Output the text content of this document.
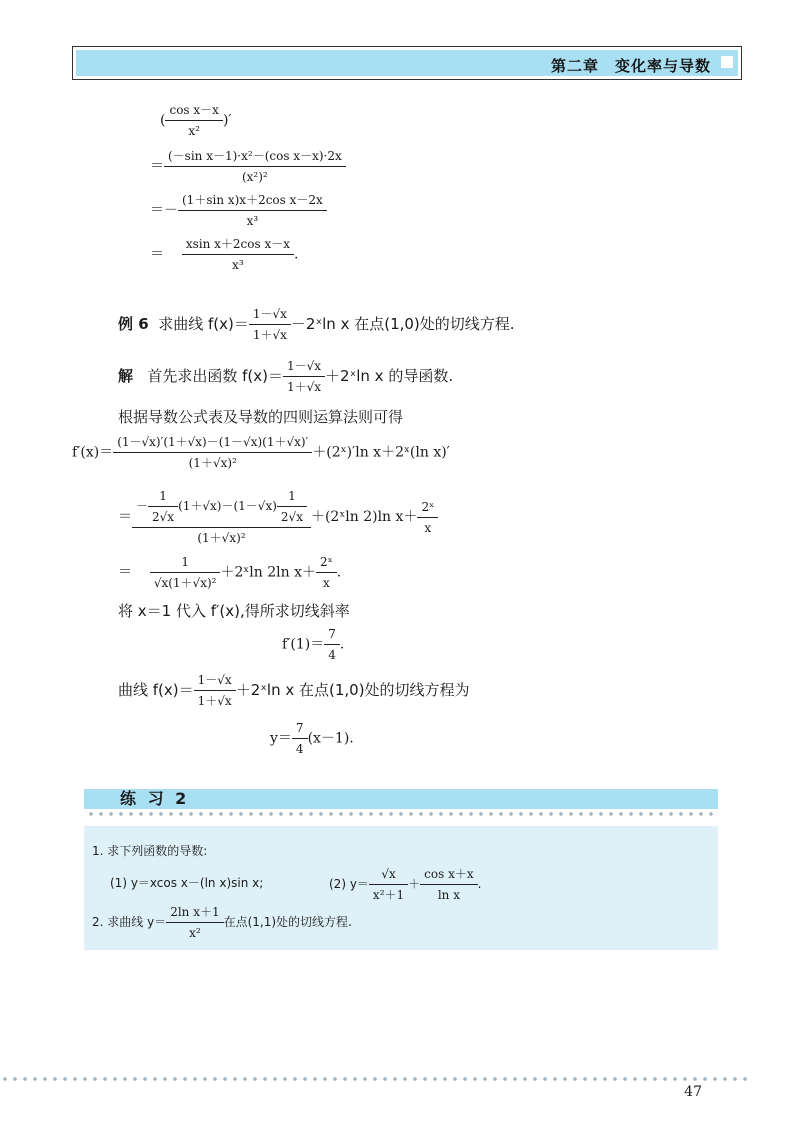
第二章　变化率与导数
( $\frac{\text{cos x－x}}{\text{x²}}$ )′
＝ $\frac{\text{(－sin x－1)·x²－(cos x－x)·2x}}{\text{(x²)²}}$
＝－ $\frac{\text{(1＋sin x)x＋2cos x－2x}}{\text{x³}}$
＝ $\frac{\text{xsin x＋2cos x－x}}{\text{x³}}$ .
例 6 求曲线 $f(x)= \frac{1-√x}{1+√x}$ －2ˣln x 在点(1,0)处的切线方程.
解 首先求出函数 $f(x)= \frac{1-√x}{1+√x}$ ＋2ˣln x 的导函数.
根据导数公式表及导数的四则运算法则可得
$f'(x)= \frac{(1-√x)'(1+√x)-(1-√x)(1+√x)'}{\text{(1＋√x)²}}$ ＋(2ˣ)′ln x＋2ˣ(ln x)′
＝ $\frac{- \frac{1}{2√x} (1+√x)-(1-√x) \frac{1}{2√x}}{\text{(1＋√x)²}}$ ＋(2ˣln 2)ln $x+ \frac{\text{2ˣ}}{x}$
＝ $\frac{1}{\text{√x(1＋√x)²}}$ ＋2ˣln 2ln $x+ \frac{\text{2ˣ}}{x}$ .
将 x＝1 代入 f′(x),得所求切线斜率
$f'(1)= \frac{7}{4}$ .
曲线 $f(x)= \frac{1-√x}{1+√x}$ ＋2ˣln x 在点(1,0)处的切线方程为
$y= \frac{7}{4} (x-1)$.
练 习 2
1. 求下列函数的导数:
(1) y＝xcos x－(ln x)sin x;	(2) $y= \frac{√x}{\text{x²＋1}} + \frac{\text{cos x＋x}}{\text{ln x}}$ .
2. 求曲线 $y= \frac{\text{2ln x＋1}}{\text{x²}}$ 在点(1,1)处的切线方程.
47
